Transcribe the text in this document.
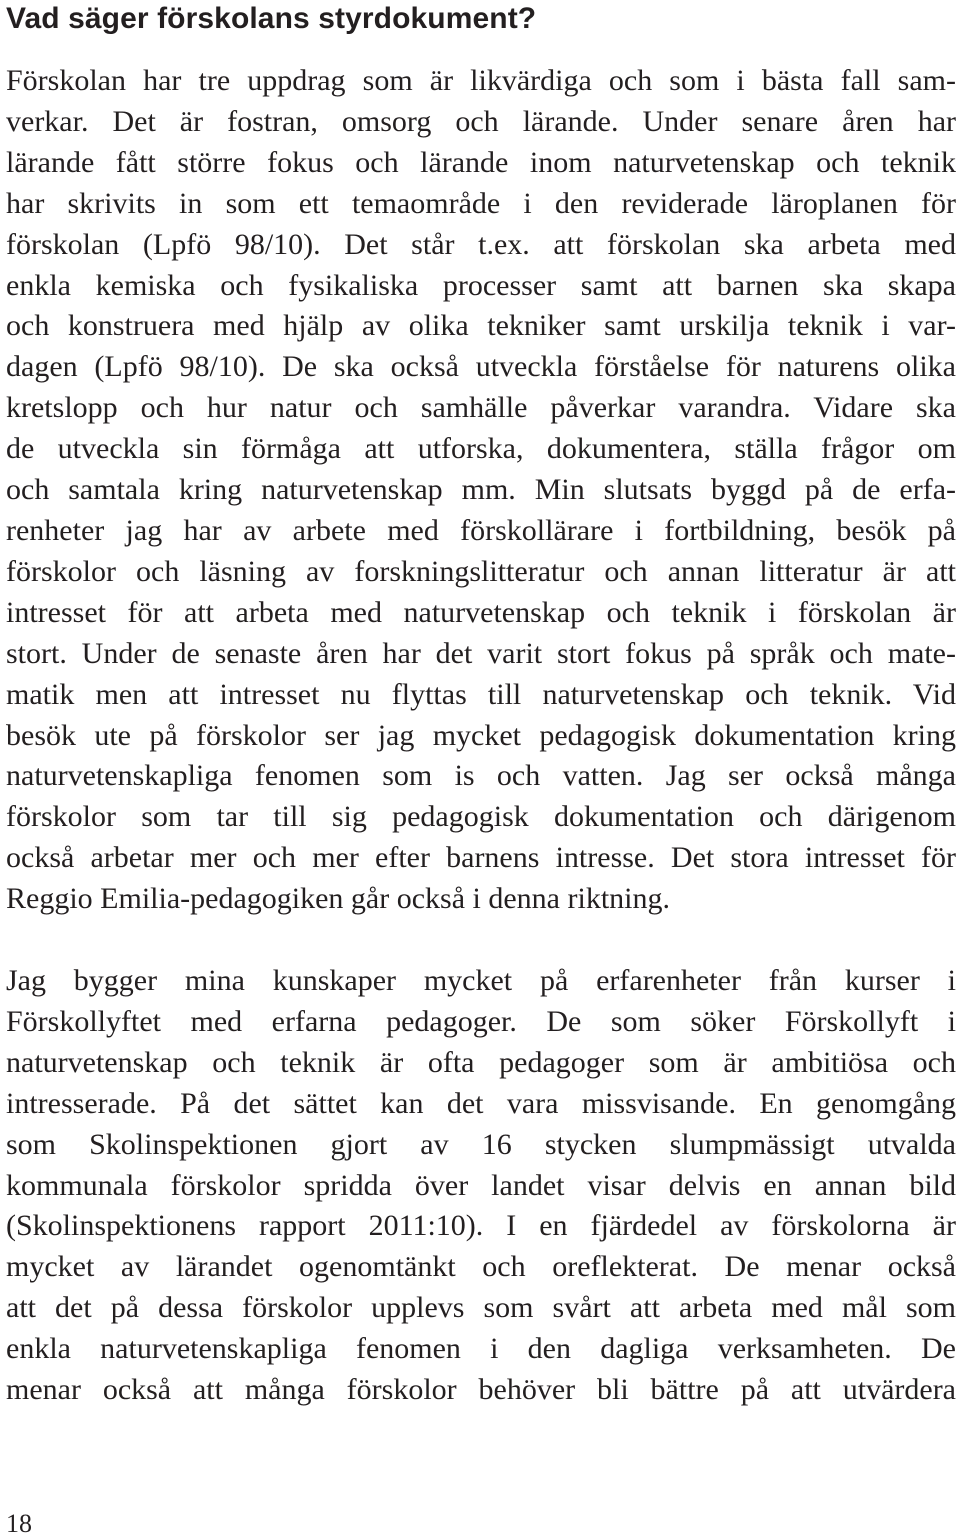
Vad säger förskolans styrdokument?
Förskolan har tre uppdrag som är likvärdiga och som i bästa fall sam-
verkar. Det är fostran, omsorg och lärande. Under senare åren har
lärande fått större fokus och lärande inom naturvetenskap och teknik
har skrivits in som ett temaområde i den reviderade läroplanen för
förskolan (Lpfö 98/10). Det står t.ex. att förskolan ska arbeta med
enkla kemiska och fysikaliska processer samt att barnen ska skapa
och konstruera med hjälp av olika tekniker samt urskilja teknik i var-
dagen (Lpfö 98/10). De ska också utveckla förståelse för naturens olika
kretslopp och hur natur och samhälle påverkar varandra. Vidare ska
de utveckla sin förmåga att utforska, dokumentera, ställa frågor om
och samtala kring naturvetenskap mm. Min slutsats byggd på de erfa-
renheter jag har av arbete med förskollärare i fortbildning, besök på
förskolor och läsning av forskningslitteratur och annan litteratur är att
intresset för att arbeta med naturvetenskap och teknik i förskolan är
stort. Under de senaste åren har det varit stort fokus på språk och mate-
matik men att intresset nu flyttas till naturvetenskap och teknik. Vid
besök ute på förskolor ser jag mycket pedagogisk dokumentation kring
naturvetenskapliga fenomen som is och vatten. Jag ser också många
förskolor som tar till sig pedagogisk dokumentation och därigenom
också arbetar mer och mer efter barnens intresse. Det stora intresset för
Reggio Emilia-pedagogiken går också i denna riktning.
Jag bygger mina kunskaper mycket på erfarenheter från kurser i
Förskollyftet med erfarna pedagoger. De som söker Förskollyft i
naturvetenskap och teknik är ofta pedagoger som är ambitiösa och
intresserade. På det sättet kan det vara missvisande. En genomgång
som Skolinspektionen gjort av 16 stycken slumpmässigt utvalda
kommunala förskolor spridda över landet visar delvis en annan bild
(Skolinspektionens rapport 2011:10). I en fjärdedel av förskolorna är
mycket av lärandet ogenomtänkt och oreflekterat. De menar också
att det på dessa förskolor upplevs som svårt att arbeta med mål som
enkla naturvetenskapliga fenomen i den dagliga verksamheten. De
menar också att många förskolor behöver bli bättre på att utvärdera
18
